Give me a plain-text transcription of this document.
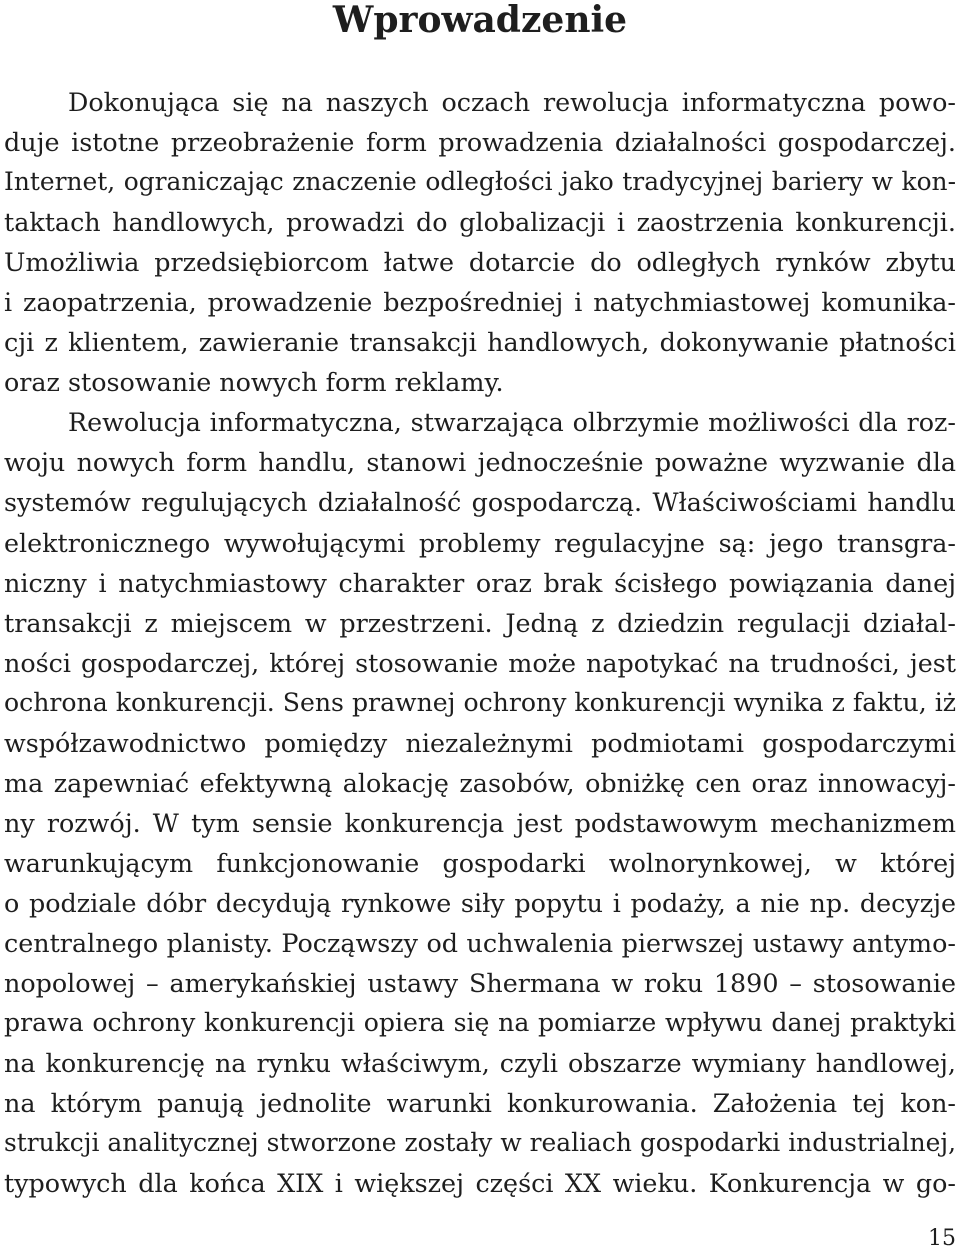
Wprowadzenie
Dokonująca się na naszych oczach rewolucja informatyczna powo-
duje istotne przeobrażenie form prowadzenia działalności gospodarczej.
Internet, ograniczając znaczenie odległości jako tradycyjnej bariery w kon-
taktach handlowych, prowadzi do globalizacji i zaostrzenia konkurencji.
Umożliwia przedsiębiorcom łatwe dotarcie do odległych rynków zbytu
i zaopatrzenia, prowadzenie bezpośredniej i natychmiastowej komunika-
cji z klientem, zawieranie transakcji handlowych, dokonywanie płatności
oraz stosowanie nowych form reklamy.
Rewolucja informatyczna, stwarzająca olbrzymie możliwości dla roz-
woju nowych form handlu, stanowi jednocześnie poważne wyzwanie dla
systemów regulujących działalność gospodarczą. Właściwościami handlu
elektronicznego wywołującymi problemy regulacyjne są: jego transgra-
niczny i natychmiastowy charakter oraz brak ścisłego powiązania danej
transakcji z miejscem w przestrzeni. Jedną z dziedzin regulacji działal-
ności gospodarczej, której stosowanie może napotykać na trudności, jest
ochrona konkurencji. Sens prawnej ochrony konkurencji wynika z faktu, iż
współzawodnictwo pomiędzy niezależnymi podmiotami gospodarczymi
ma zapewniać efektywną alokację zasobów, obniżkę cen oraz innowacyj-
ny rozwój. W tym sensie konkurencja jest podstawowym mechanizmem
warunkującym funkcjonowanie gospodarki wolnorynkowej, w której
o podziale dóbr decydują rynkowe siły popytu i podaży, a nie np. decyzje
centralnego planisty. Począwszy od uchwalenia pierwszej ustawy antymo-
nopolowej – amerykańskiej ustawy Shermana w roku 1890 – stosowanie
prawa ochrony konkurencji opiera się na pomiarze wpływu danej praktyki
na konkurencję na rynku właściwym, czyli obszarze wymiany handlowej,
na którym panują jednolite warunki konkurowania. Założenia tej kon-
strukcji analitycznej stworzone zostały w realiach gospodarki industrialnej,
typowych dla końca XIX i większej części XX wieku. Konkurencja w go-
15
